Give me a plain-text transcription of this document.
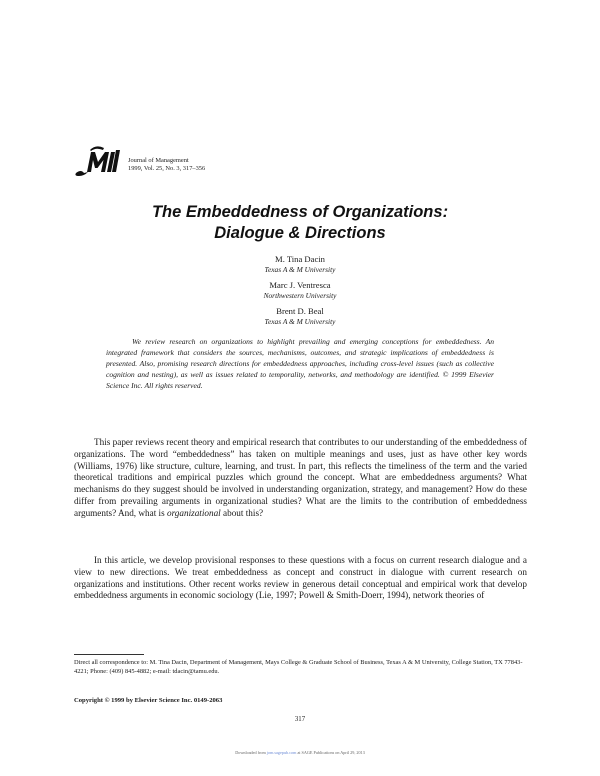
Journal of Management
1999, Vol. 25, No. 3, 317–356
The Embeddedness of Organizations:
Dialogue & Directions
M. Tina Dacin
Texas A & M University
Marc J. Ventresca
Northwestern University
Brent D. Beal
Texas A & M University

We review research on organizations to highlight prevailing and emerging conceptions for embeddedness. An integrated framework that considers the sources, mechanisms, outcomes, and strategic implications of embeddedness is presented. Also, promising research directions for embeddedness approaches, including cross-level issues (such as collective cognition and nesting), as well as issues related to temporality, networks, and methodology are identified. © 1999 Elsevier Science Inc. All rights reserved.

This paper reviews recent theory and empirical research that contributes to our understanding of the embeddedness of organizations. The word “embeddedness” has taken on multiple meanings and uses, just as have other key words (Williams, 1976) like structure, culture, learning, and trust. In part, this reflects the timeliness of the term and the varied theoretical traditions and empirical puzzles which ground the concept. What are embeddedness arguments? What mechanisms do they suggest should be involved in understanding organization, strategy, and management? How do these differ from prevailing arguments in organizational studies? What are the limits to the contribution of embeddedness arguments? And, what is organizational about this?

In this article, we develop provisional responses to these questions with a focus on current research dialogue and a view to new directions. We treat embeddedness as concept and construct in dialogue with current research on organizations and institutions. Other recent works review in generous detail conceptual and empirical work that develop embeddedness arguments in economic sociology (Lie, 1997; Powell & Smith-Doerr, 1994), network theories of

Direct all correspondence to: M. Tina Dacin, Department of Management, Mays College & Graduate School of Business, Texas A & M University, College Station, TX 77843-4221; Phone: (409) 845-4882; e-mail: tdacin@tamu.edu.

Copyright © 1999 by Elsevier Science Inc. 0149-2063
317
Downloaded from jom.sagepub.com at SAGE Publications on April 29, 2013
